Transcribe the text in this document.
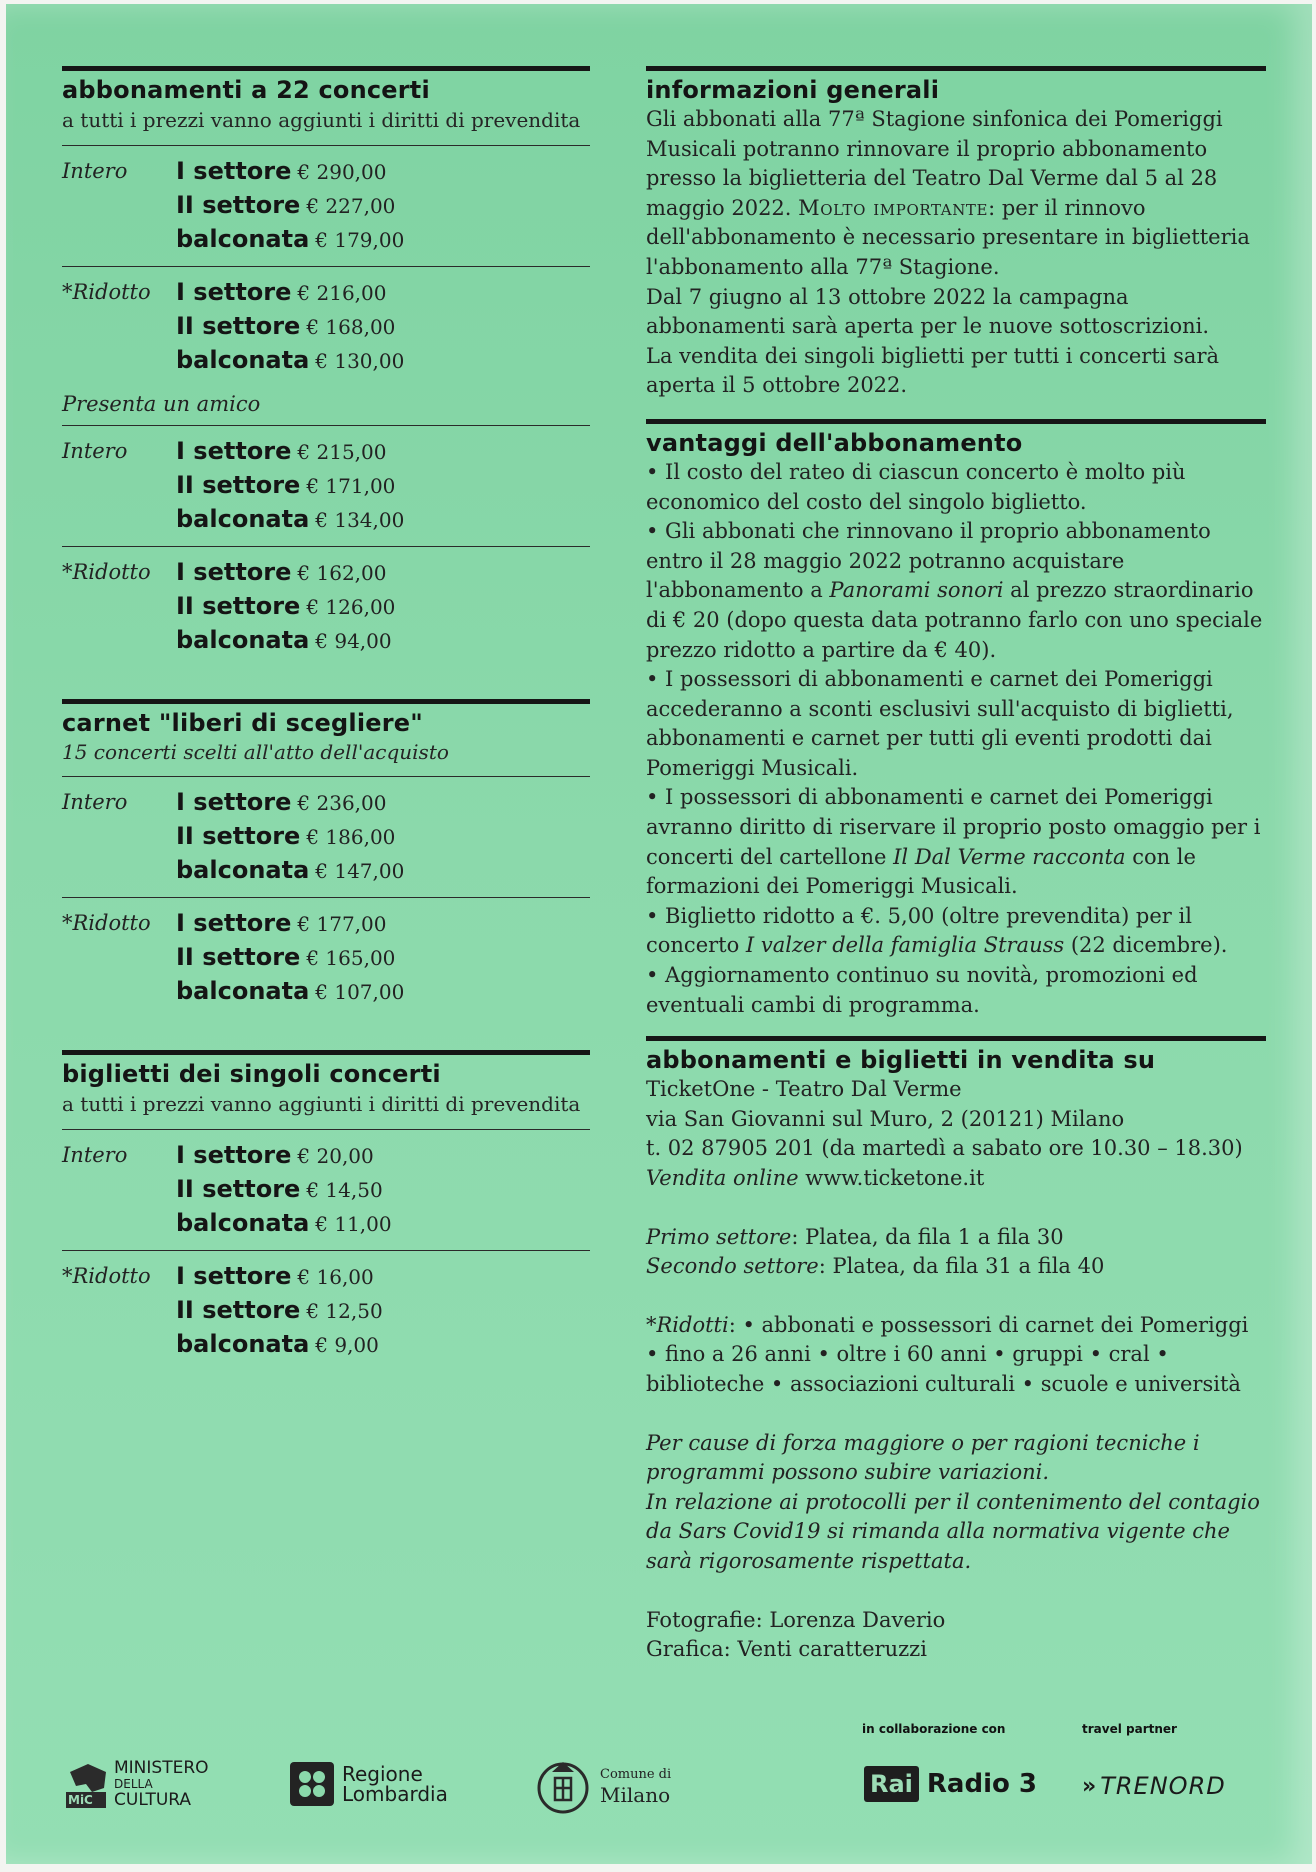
abbonamenti a 22 concerti
a tutti i prezzi vanno aggiunti i diritti di prevendita
Intero	I settore € 290,00
II settore € 227,00
balconata € 179,00
*Ridotto	I settore € 216,00
II settore € 168,00
balconata € 130,00
Presenta un amico
Intero	I settore € 215,00
II settore € 171,00
balconata € 134,00
*Ridotto	I settore € 162,00
II settore € 126,00
balconata € 94,00
carnet "liberi di scegliere"
15 concerti scelti all'atto dell'acquisto
Intero	I settore € 236,00
II settore € 186,00
balconata € 147,00
*Ridotto	I settore € 177,00
II settore € 165,00
balconata € 107,00
biglietti dei singoli concerti
a tutti i prezzi vanno aggiunti i diritti di prevendita
Intero	I settore € 20,00
II settore € 14,50
balconata € 11,00
*Ridotto	I settore € 16,00
II settore € 12,50
balconata € 9,00
informazioni generali

Gli abbonati alla 77ª Stagione sinfonica dei Pomeriggi Musicali potranno rinnovare il proprio abbonamento presso la biglietteria del Teatro Dal Verme dal 5 al 28 maggio 2022. Molto importante: per il rinnovo dell'abbonamento è necessario presentare in biglietteria l'abbonamento alla 77ª Stagione.

Dal 7 giugno al 13 ottobre 2022 la campagna abbonamenti sarà aperta per le nuove sottoscrizioni.

La vendita dei singoli biglietti per tutti i concerti sarà aperta il 5 ottobre 2022.

vantaggi dell'abbonamento

• Il costo del rateo di ciascun concerto è molto più economico del costo del singolo biglietto.

• Gli abbonati che rinnovano il proprio abbonamento entro il 28 maggio 2022 potranno acquistare l'abbonamento a Panorami sonori al prezzo straordinario di € 20 (dopo questa data potranno farlo con uno speciale prezzo ridotto a partire da € 40).

• I possessori di abbonamenti e carnet dei Pomeriggi accederanno a sconti esclusivi sull'acquisto di biglietti, abbonamenti e carnet per tutti gli eventi prodotti dai Pomeriggi Musicali.

• I possessori di abbonamenti e carnet dei Pomeriggi avranno diritto di riservare il proprio posto omaggio per i concerti del cartellone Il Dal Verme racconta con le formazioni dei Pomeriggi Musicali.

• Biglietto ridotto a €. 5,00 (oltre prevendita) per il concerto I valzer della famiglia Strauss (22 dicembre).

• Aggiornamento continuo su novità, promozioni ed eventuali cambi di programma.

abbonamenti e biglietti in vendita su

TicketOne - Teatro Dal Verme

via San Giovanni sul Muro, 2 (20121) Milano

t. 02 87905 201 (da martedì a sabato ore 10.30 – 18.30)

Vendita online www.ticketone.it

Primo settore: Platea, da fila 1 a fila 30

Secondo settore: Platea, da fila 31 a fila 40

*Ridotti: • abbonati e possessori di carnet dei Pomeriggi • fino a 26 anni • oltre i 60 anni • gruppi • cral • biblioteche • associazioni culturali • scuole e università

Per cause di forza maggiore o per ragioni tecniche i programmi possono subire variazioni.

In relazione ai protocolli per il contenimento del contagio da Sars Covid19 si rimanda alla normativa vigente che sarà rigorosamente rispettata.

Fotografie: Lorenza Daverio

Grafica: Venti caratteruzzi

in collaborazione con	travel partner
MiC
MINISTERO
DELLA
CULTURA
Regione
Lombardia
Comune di
Milano	Rai Radio 3 » TRENORD
